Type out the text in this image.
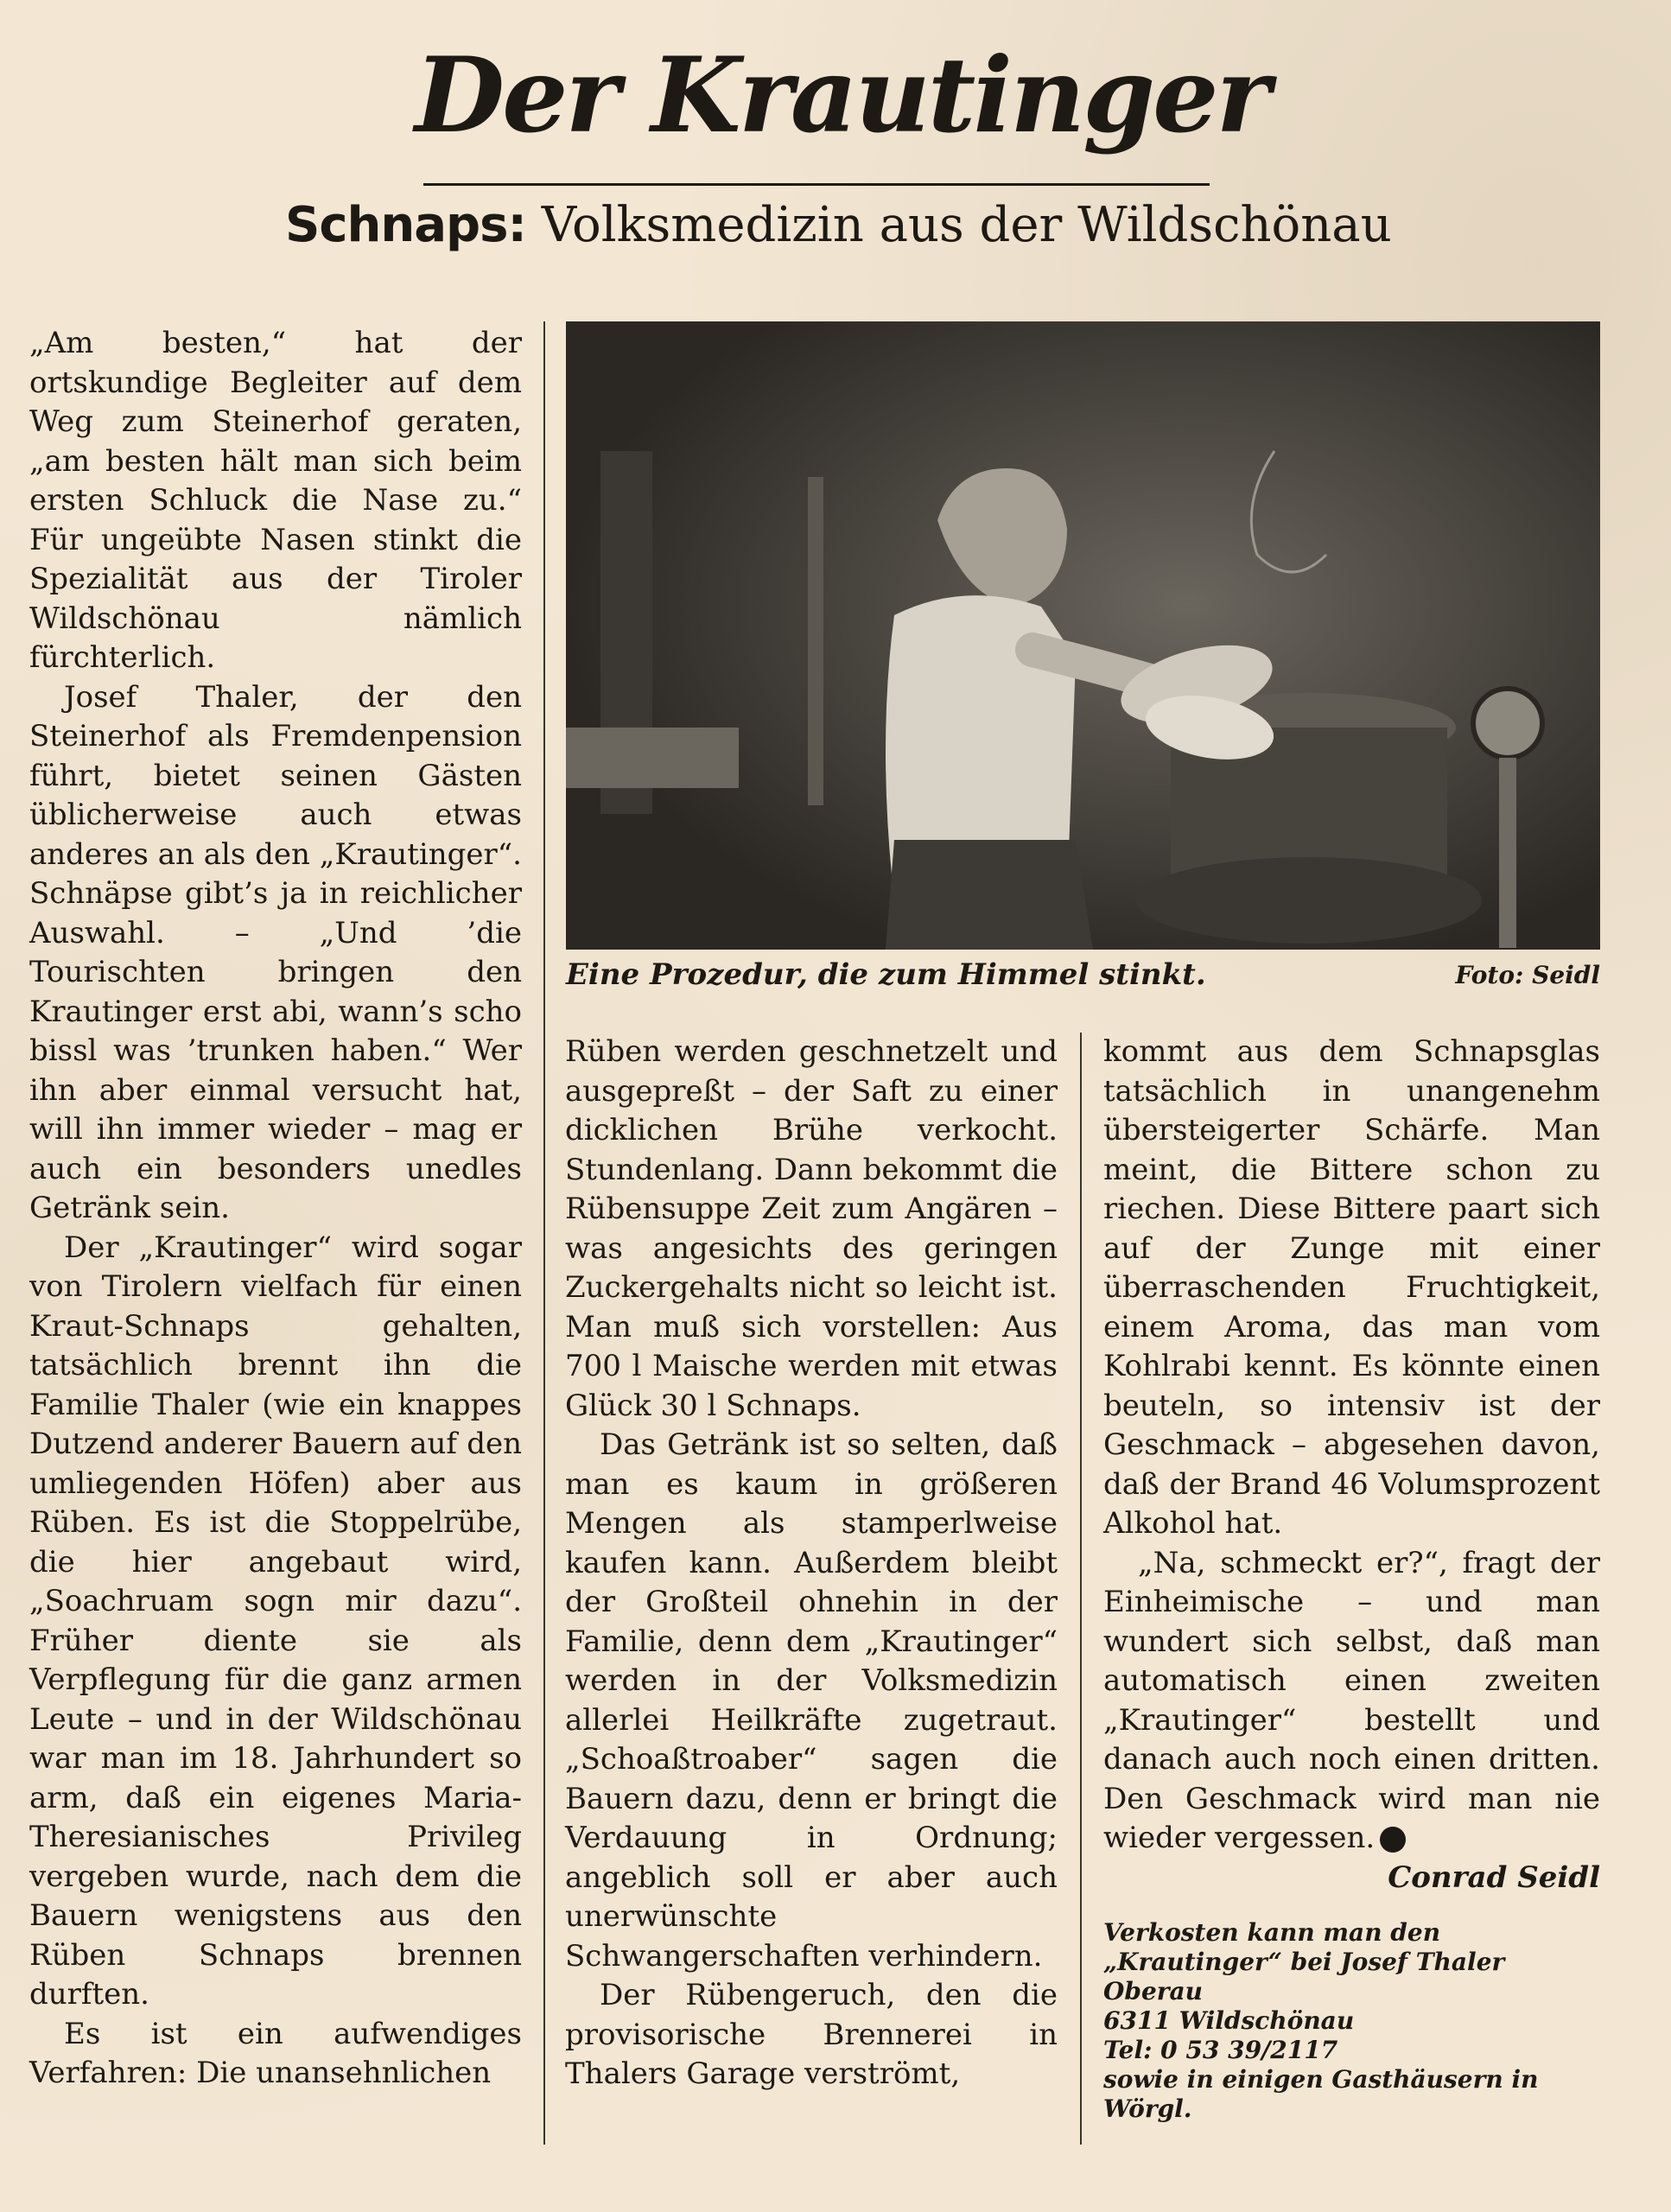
Der Krautinger
Schnaps: Volksmedizin aus der Wildschönau

„Am besten,“ hat der ortskundige Begleiter auf dem Weg zum Steinerhof geraten, „am besten hält man sich beim ersten Schluck die Nase zu.“ Für ungeübte Nasen stinkt die Spezialität aus der Tiroler Wildschönau nämlich fürchterlich.

Josef Thaler, der den Steinerhof als Fremdenpension führt, bietet seinen Gästen üblicherweise auch etwas anderes an als den „Krautinger“. Schnäpse gibt’s ja in reichlicher Auswahl. – „Und ’die Tourischten bringen den Krautinger erst abi, wann’s scho bissl was ’trunken haben.“ Wer ihn aber einmal versucht hat, will ihn immer wieder – mag er auch ein besonders unedles Getränk sein.

Der „Krautinger“ wird sogar von Tirolern vielfach für einen Kraut-Schnaps gehalten, tatsächlich brennt ihn die Familie Thaler (wie ein knappes Dutzend anderer Bauern auf den umliegenden Höfen) aber aus Rüben. Es ist die Stoppelrübe, die hier angebaut wird, „Soachruam sogn mir dazu“. Früher diente sie als Verpflegung für die ganz armen Leute – und in der Wildschönau war man im 18. Jahrhundert so arm, daß ein eigenes Maria-Theresianisches Privileg vergeben wurde, nach dem die Bauern wenigstens aus den Rüben Schnaps brennen durften.

Es ist ein aufwendiges Verfahren: Die unansehnlichen

Eine Prozedur, die zum Himmel stinkt.	Foto: Seidl

Rüben werden geschnetzelt und ausgepreßt – der Saft zu einer dicklichen Brühe verkocht. Stundenlang. Dann bekommt die Rübensuppe Zeit zum Angären – was angesichts des geringen Zuckergehalts nicht so leicht ist. Man muß sich vorstellen: Aus 700 l Maische werden mit etwas Glück 30 l Schnaps.

Das Getränk ist so selten, daß man es kaum in größeren Mengen als stamperlweise kaufen kann. Außerdem bleibt der Großteil ohnehin in der Familie, denn dem „Krautinger“ werden in der Volksmedizin allerlei Heilkräfte zugetraut. „Schoaßtroaber“ sagen die Bauern dazu, denn er bringt die Verdauung in Ordnung; angeblich soll er aber auch unerwünschte Schwangerschaften verhindern.

Der Rübengeruch, den die provisorische Brennerei in Thalers Garage verströmt,

kommt aus dem Schnapsglas tatsächlich in unangenehm übersteigerter Schärfe. Man meint, die Bittere schon zu riechen. Diese Bittere paart sich auf der Zunge mit einer überraschenden Fruchtigkeit, einem Aroma, das man vom Kohlrabi kennt. Es könnte einen beuteln, so intensiv ist der Geschmack – abgesehen davon, daß der Brand 46 Volumsprozent Alkohol hat.

„Na, schmeckt er?“, fragt der Einheimische – und man wundert sich selbst, daß man automatisch einen zweiten „Krautinger“ bestellt und danach auch noch einen dritten. Den Geschmack wird man nie wieder vergessen.

Conrad Seidl

Verkosten kann man den
„Krautinger“ bei Josef Thaler
Oberau
6311 Wildschönau
Tel: 0 53 39/2117
sowie in einigen Gasthäusern in
Wörgl.
